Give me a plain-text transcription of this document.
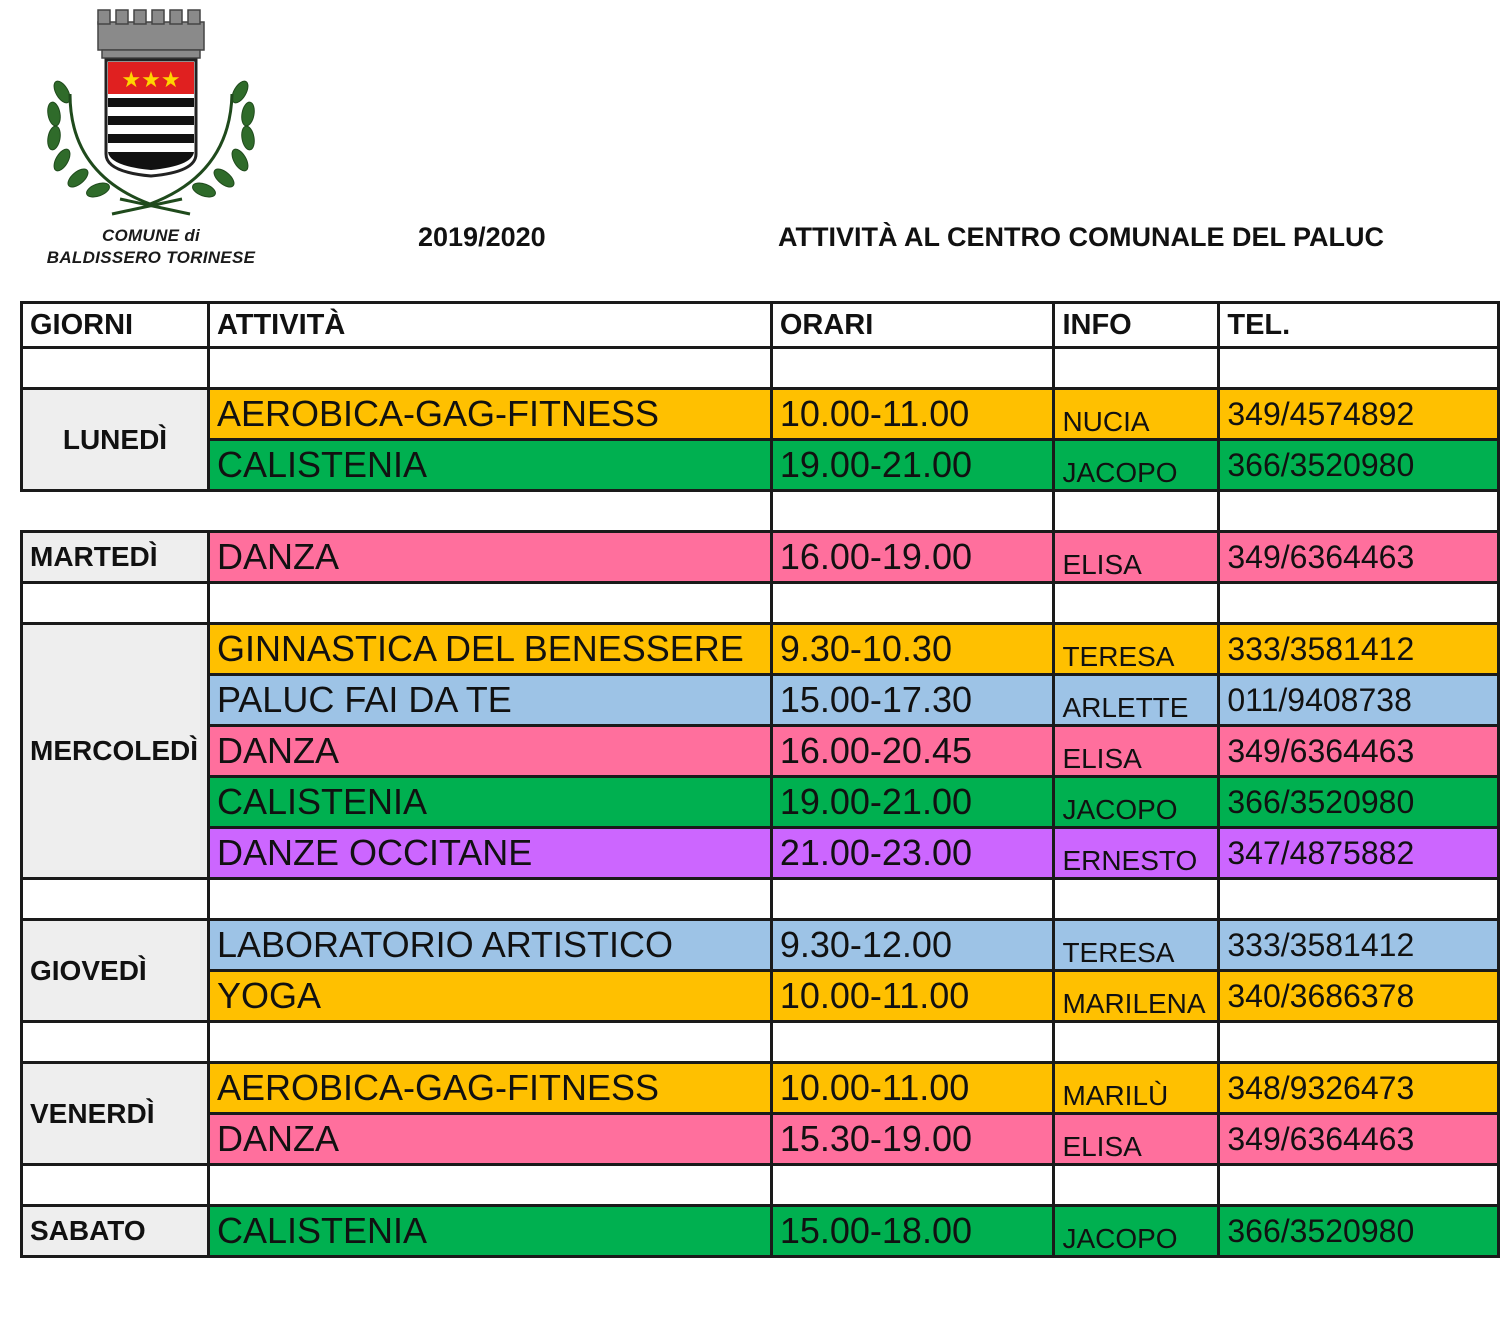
★★★
COMUNE di
BALDISSERO TORINESE
2019/2020	ATTIVITÀ AL CENTRO COMUNALE DEL PALUC
GIORNI	ATTIVITÀ	ORARI	INFO	TEL.

LUNEDÌ	AEROBICA-GAG-FITNESS	10.00-11.00	NUCIA	349/4574892
	CALISTENIA	19.00-21.00	JACOPO	366/3520980

MARTEDÌ	DANZA	16.00-19.00	ELISA	349/6364463

MERCOLEDÌ	GINNASTICA DEL BENESSERE	9.30-10.30	TERESA	333/3581412
	PALUC FAI DA TE	15.00-17.30	ARLETTE	011/9408738
	DANZA	16.00-20.45	ELISA	349/6364463
	CALISTENIA	19.00-21.00	JACOPO	366/3520980
	DANZE OCCITANE	21.00-23.00	ERNESTO	347/4875882

GIOVEDÌ	LABORATORIO ARTISTICO	9.30-12.00	TERESA	333/3581412
	YOGA	10.00-11.00	MARILENA	340/3686378

VENERDÌ	AEROBICA-GAG-FITNESS	10.00-11.00	MARILÙ	348/9326473
	DANZA	15.30-19.00	ELISA	349/6364463

SABATO	CALISTENIA	15.00-18.00	JACOPO	366/3520980
